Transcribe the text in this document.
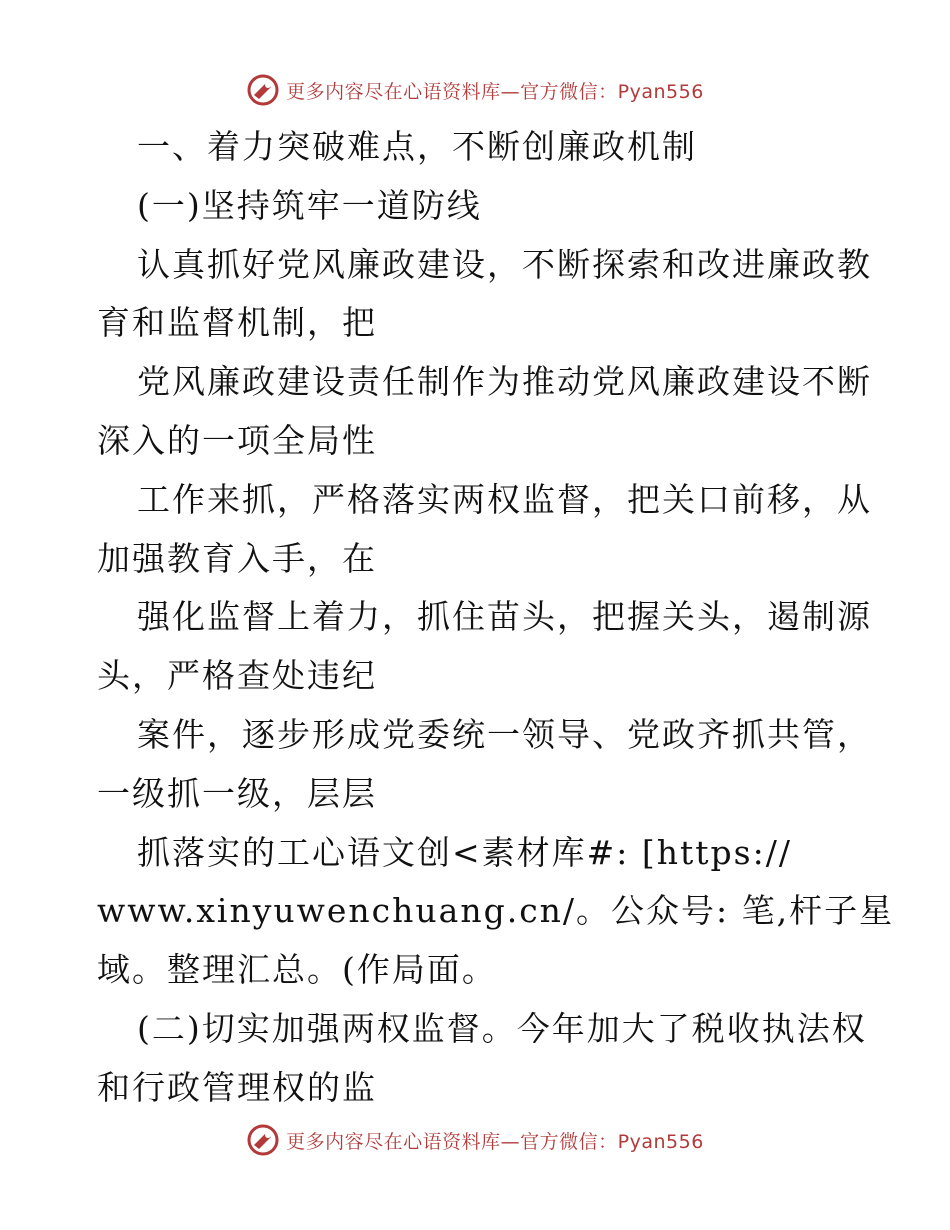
更多内容尽在心语资料库—官方微信：Pyan556
一、着力突破难点，不断创廉政机制
(一)坚持筑牢一道防线
认真抓好党风廉政建设，不断探索和改进廉政教
育和监督机制，把
党风廉政建设责任制作为推动党风廉政建设不断
深入的一项全局性
工作来抓，严格落实两权监督，把关口前移，从
加强教育入手，在
强化监督上着力，抓住苗头，把握关头，遏制源
头，严格查处违纪
案件，逐步形成党委统一领导、党政齐抓共管，
一级抓一级，层层
抓落实的工心语文创<素材库#: [https://
www.xinyuwenchuang.cn/。公众号: 笔,杆子星
域。整理汇总。(作局面。
(二)切实加强两权监督。今年加大了税收执法权
和行政管理权的监
更多内容尽在心语资料库—官方微信：Pyan556
